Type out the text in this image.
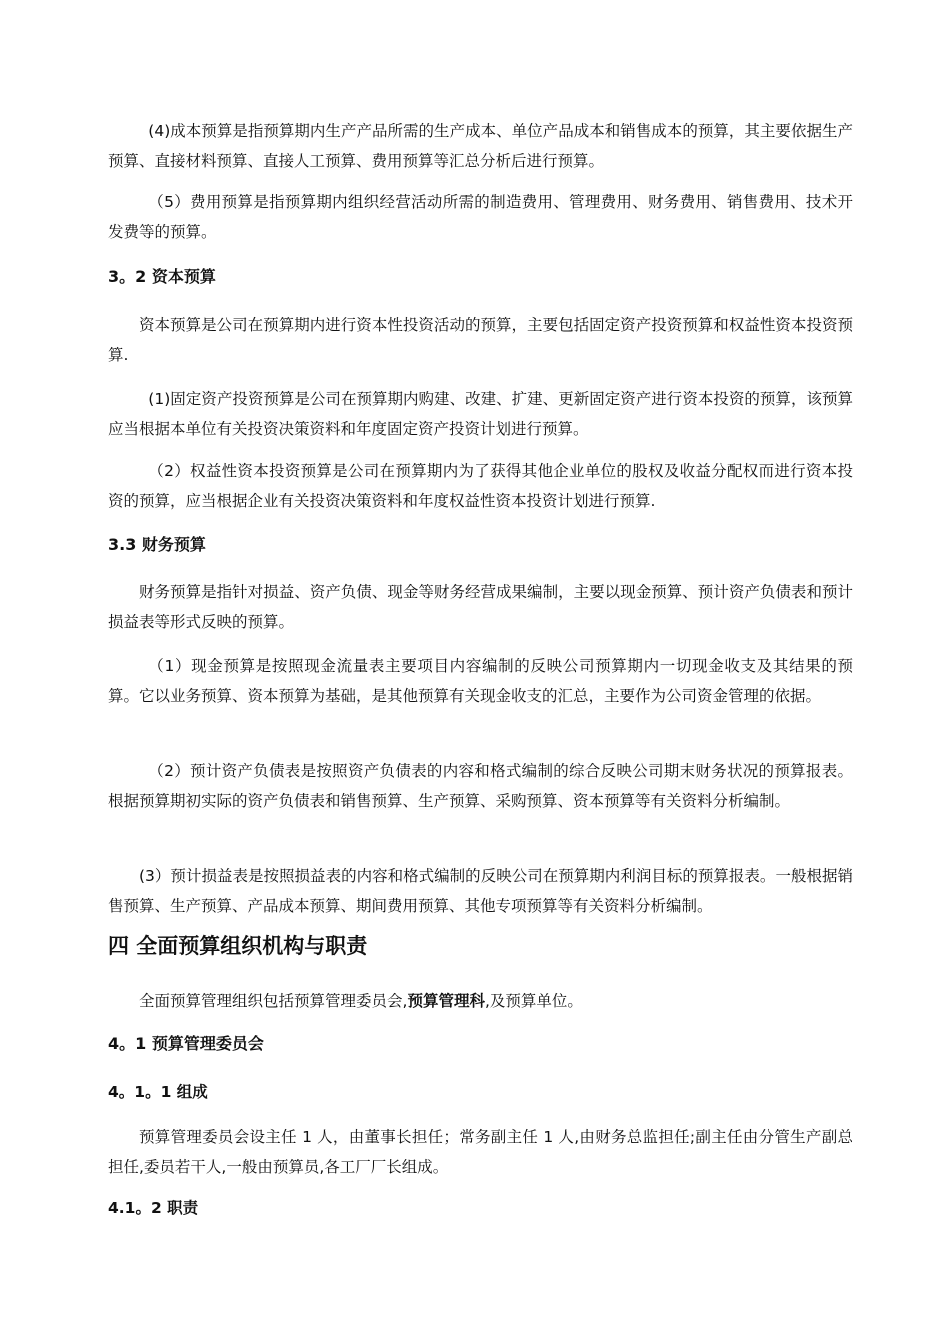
(4)成本预算是指预算期内生产产品所需的生产成本、单位产品成本和销售成本的预算，其主要依据生产预算、直接材料预算、直接人工预算、费用预算等汇总分析后进行预算。

（5）费用预算是指预算期内组织经营活动所需的制造费用、管理费用、财务费用、销售费用、技术开发费等的预算。

3。2 资本预算

资本预算是公司在预算期内进行资本性投资活动的预算，主要包括固定资产投资预算和权益性资本投资预算.

(1)固定资产投资预算是公司在预算期内购建、改建、扩建、更新固定资产进行资本投资的预算，该预算应当根据本单位有关投资决策资料和年度固定资产投资计划进行预算。

（2）权益性资本投资预算是公司在预算期内为了获得其他企业单位的股权及收益分配权而进行资本投资的预算，应当根据企业有关投资决策资料和年度权益性资本投资计划进行预算.

3.3 财务预算

财务预算是指针对损益、资产负债、现金等财务经营成果编制，主要以现金预算、预计资产负债表和预计损益表等形式反映的预算。

（1）现金预算是按照现金流量表主要项目内容编制的反映公司预算期内一切现金收支及其结果的预算。它以业务预算、资本预算为基础，是其他预算有关现金收支的汇总，主要作为公司资金管理的依据。

（2）预计资产负债表是按照资产负债表的内容和格式编制的综合反映公司期末财务状况的预算报表。根据预算期初实际的资产负债表和销售预算、生产预算、采购预算、资本预算等有关资料分析编制。

(3）预计损益表是按照损益表的内容和格式编制的反映公司在预算期内利润目标的预算报表。一般根据销售预算、生产预算、产品成本预算、期间费用预算、其他专项预算等有关资料分析编制。

四 全面预算组织机构与职责

全面预算管理组织包括预算管理委员会,预算管理科,及预算单位。

4。1 预算管理委员会
4。1。1 组成

预算管理委员会设主任 1 人，由董事长担任；常务副主任 1 人,由财务总监担任;副主任由分管生产副总担任,委员若干人,一般由预算员,各工厂厂长组成。

4.1。2 职责
